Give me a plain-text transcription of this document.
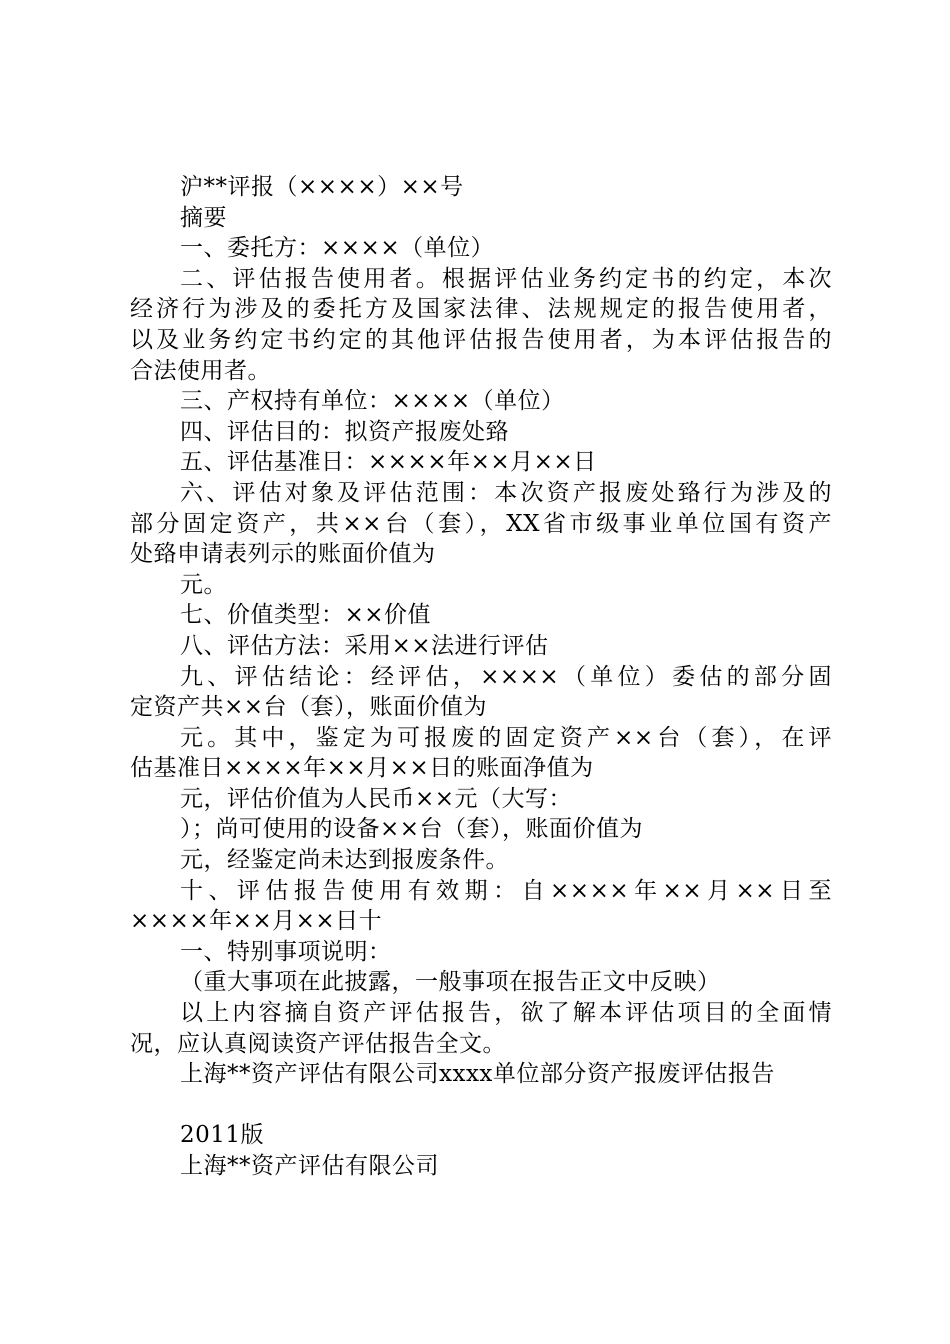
沪**评报（××××）××号
摘要
一、委托方：××××（单位）
二、评估报告使用者。根据评估业务约定书的约定，本次
经济行为涉及的委托方及国家法律、法规规定的报告使用者，
以及业务约定书约定的其他评估报告使用者，为本评估报告的
合法使用者。
三、产权持有单位：××××（单位）
四、评估目的：拟资产报废处臵
五、评估基准日：××××年××月××日
六、评估对象及评估范围：本次资产报废处臵行为涉及的
部分固定资产，共××台（套），XX省市级事业单位国有资产
处臵申请表列示的账面价值为
元。
七、价值类型：××价值
八、评估方法：采用××法进行评估
九、评估结论：经评估，××××（单位）委估的部分固
定资产共××台（套），账面价值为
元。其中，鉴定为可报废的固定资产××台（套），在评
估基准日××××年××月××日的账面净值为
元，评估价值为人民币××元（大写：
）；尚可使用的设备××台（套），账面价值为
元，经鉴定尚未达到报废条件。
十、评估报告使用有效期：自××××年××月××日至
××××年××月××日十
一、特别事项说明：
（重大事项在此披露，一般事项在报告正文中反映）
以上内容摘自资产评估报告，欲了解本评估项目的全面情
况，应认真阅读资产评估报告全文。
上海**资产评估有限公司xxxx单位部分资产报废评估报告
2011版
上海**资产评估有限公司
